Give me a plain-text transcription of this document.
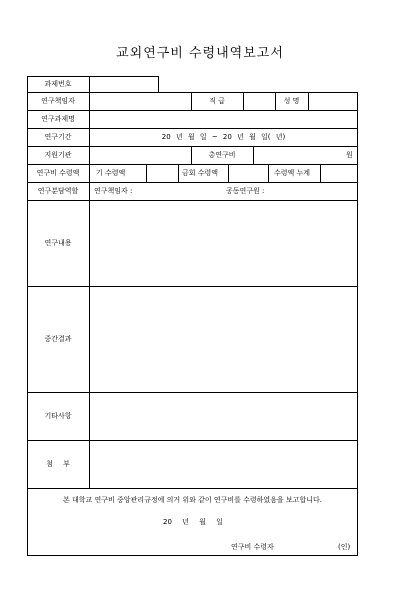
교외연구비 수령내역보고서
과제번호
연구책임자	직 급	성 명
연구과제명
연구기간	20 년 월 일 ~ 20 년 월 일( 년)
지원기관	총연구비	원
연구비 수령액	기 수령액	금회 수령액	수령액 누계
연구분담역할	연구책임자 :	공동연구원 :
연구내용
중간결과
기타사항
첨 부
본 대학교 연구비 중앙관리규정에 의거 위와 같이 연구비를 수령하였음을 보고합니다.
20 년 월 일
연구비 수령자	(인)
